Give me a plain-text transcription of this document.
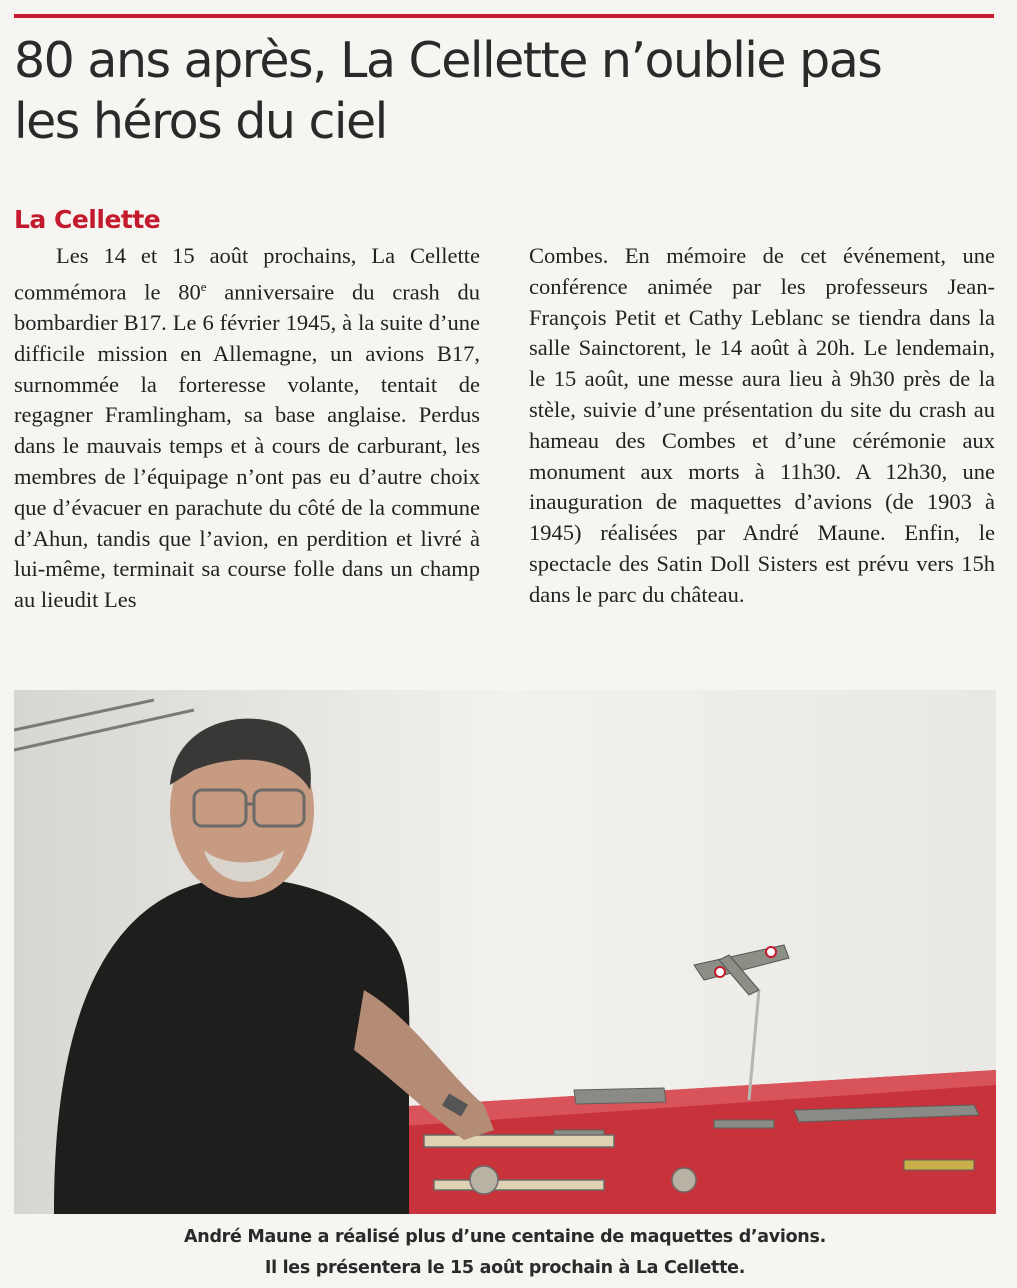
80 ans après, La Cellette n’oublie pas
les héros du ciel
La Cellette

Les 14 et 15 août prochains, La Cellette commémora le 80e anniversaire du crash du bombardier B17. Le 6 février 1945, à la suite d’une difficile mission en Allemagne, un avions B17, surnommée la forteresse volante, tentait de regagner Framlingham, sa base anglaise. Perdus dans le mauvais temps et à cours de carburant, les membres de l’équipage n’ont pas eu d’autre choix que d’évacuer en parachute du côté de la commune d’Ahun, tandis que l’avion, en perdition et livré à lui-même, terminait sa course folle dans un champ au lieudit Les

Combes. En mémoire de cet événement, une conférence animée par les professeurs Jean-François Petit et Cathy Leblanc se tiendra dans la salle Sainctorent, le 14 août à 20h. Le lendemain, le 15 août, une messe aura lieu à 9h30 près de la stèle, suivie d’une présentation du site du crash au hameau des Combes et d’une cérémonie aux monument aux morts à 11h30. A 12h30, une inauguration de maquettes d’avions (de 1903 à 1945) réalisées par André Maune. Enfin, le spectacle des Satin Doll Sisters est prévu vers 15h dans le parc du château.

André Maune a réalisé plus d’une centaine de maquettes d’avions.
Il les présentera le 15 août prochain à La Cellette.
